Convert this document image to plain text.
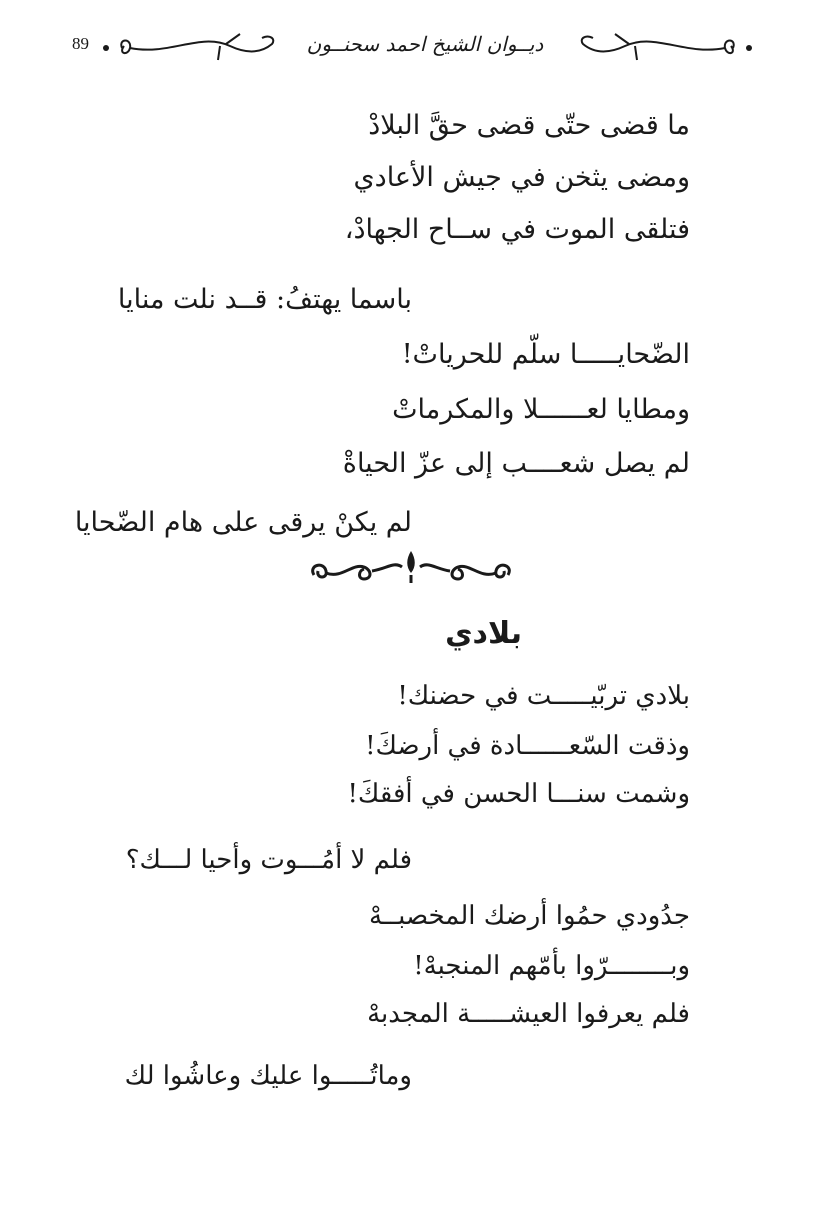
89	ديــوان الشيخ احمد سحنــون
ما قضى حتّى قضى حقَّ البلادْ
ومضى يثخن في جيش الأعادي
فتلقى الموت في ســاح الجهادْ،
باسما يهتفُ: قــد نلت منايا
الضّحايـــــا سلّم للحرياتْ!
ومطايا لعــــــلا والمكرماتْ
لم يصل شعــــب إلى عزّ الحياةْ
لم يكنْ يرقى على هام الضّحايا
بلادي
بلادي تربّيـــــت في حضنك!
وذقت السّعــــــادة في أرضكَ!
وشمت سنـــا الحسن في أفقكَ!
فلم لا أمُـــوت وأحيا لـــك؟
جدُودي حمُوا أرضك المخصبــهْ
وبــــــــرّوا بأمّهم المنجبهْ!
فلم يعرفوا العيشـــــة المجدبهْ
وماتُـــــوا عليك وعاشُوا لك
